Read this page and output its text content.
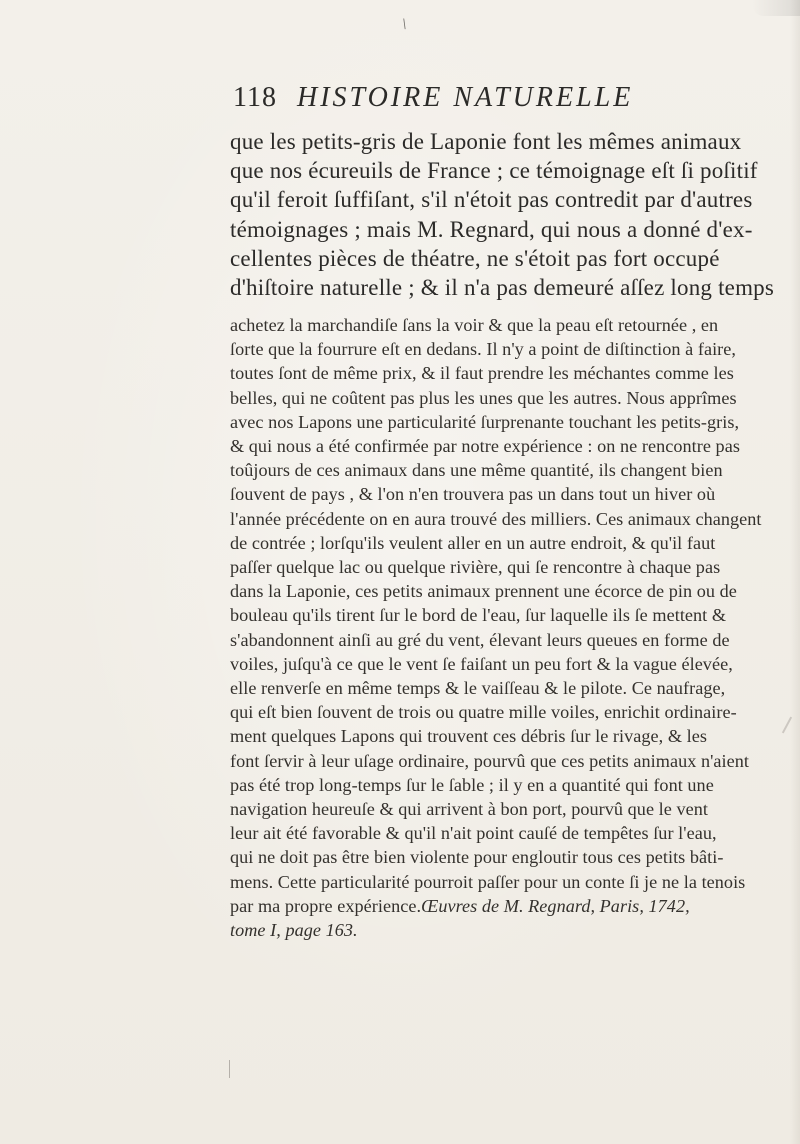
\
118 HISTOIRE NATURELLE
que les petits-gris de Laponie font les mêmes animaux
que nos écureuils de France ; ce témoignage eſt ſi poſitif
qu'il feroit ſuffiſant, s'il n'étoit pas contredit par d'autres
témoignages ; mais M. Regnard, qui nous a donné d'ex-
cellentes pièces de théatre, ne s'étoit pas fort occupé
d'hiſtoire naturelle ; & il n'a pas demeuré aſſez long temps
achetez la marchandiſe ſans la voir & que la peau eſt retournée , en
ſorte que la fourrure eſt en dedans. Il n'y a point de diſtinction à faire,
toutes ſont de même prix, & il faut prendre les méchantes comme les
belles, qui ne coûtent pas plus les unes que les autres. Nous apprîmes
avec nos Lapons une particularité ſurprenante touchant les petits-gris,
& qui nous a été confirmée par notre expérience : on ne rencontre pas
toûjours de ces animaux dans une même quantité, ils changent bien
ſouvent de pays , & l'on n'en trouvera pas un dans tout un hiver où
l'année précédente on en aura trouvé des milliers. Ces animaux changent
de contrée ; lorſqu'ils veulent aller en un autre endroit, & qu'il faut
paſſer quelque lac ou quelque rivière, qui ſe rencontre à chaque pas
dans la Laponie, ces petits animaux prennent une écorce de pin ou de
bouleau qu'ils tirent ſur le bord de l'eau, ſur laquelle ils ſe mettent &
s'abandonnent ainſi au gré du vent, élevant leurs queues en forme de
voiles, juſqu'à ce que le vent ſe faiſant un peu fort & la vague élevée,
elle renverſe en même temps & le vaiſſeau & le pilote. Ce naufrage,
qui eſt bien ſouvent de trois ou quatre mille voiles, enrichit ordinaire-
ment quelques Lapons qui trouvent ces débris ſur le rivage, & les
font ſervir à leur uſage ordinaire, pourvû que ces petits animaux n'aient
pas été trop long-temps ſur le ſable ; il y en a quantité qui font une
navigation heureuſe & qui arrivent à bon port, pourvû que le vent
leur ait été favorable & qu'il n'ait point cauſé de tempêtes ſur l'eau,
qui ne doit pas être bien violente pour engloutir tous ces petits bâti-
mens. Cette particularité pourroit paſſer pour un conte ſi je ne la tenois
par ma propre expérience. Œuvres de M. Regnard, Paris, 1742,
tome I, page 163.
